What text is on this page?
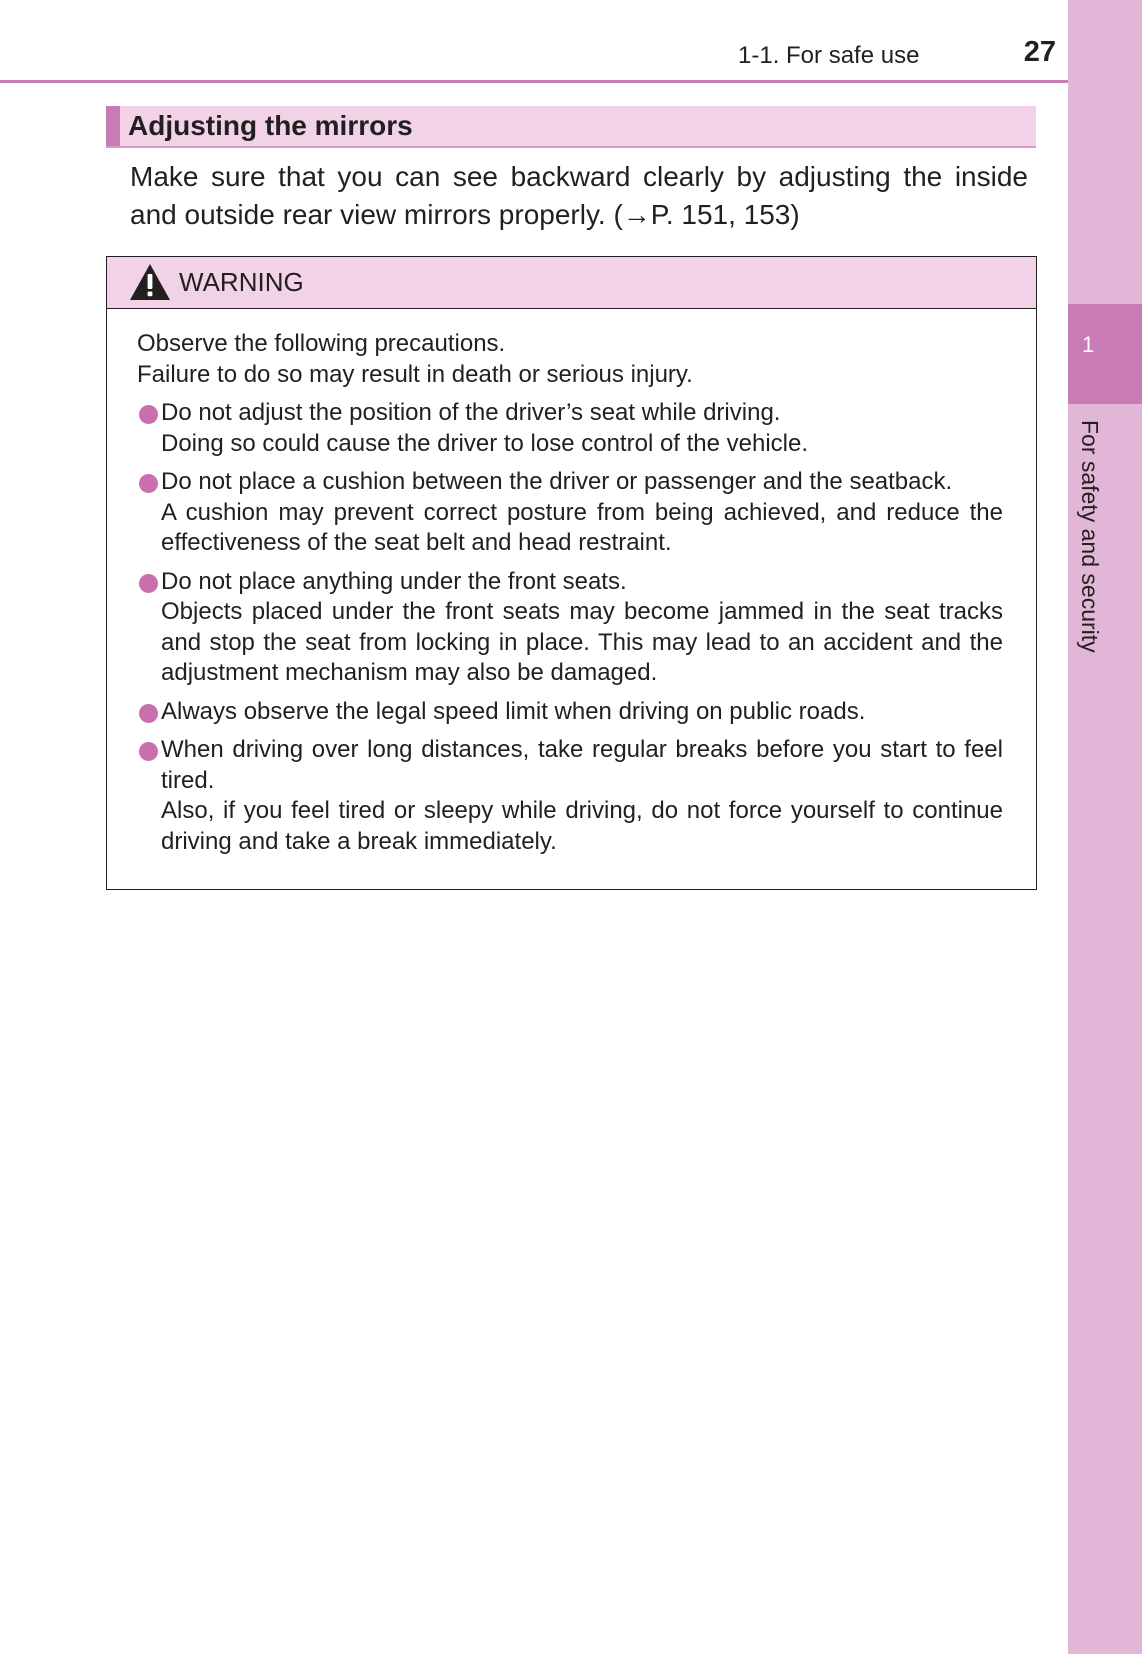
1-1. For safe use	27
1
For safety and security
Adjusting the mirrors
Make sure that you can see backward clearly by adjusting the inside and outside rear view mirrors properly. (→P. 151, 153)
WARNING

Observe the following precautions.
Failure to do so may result in death or serious injury.

Do not adjust the position of the driver’s seat while driving.
Doing so could cause the driver to lose control of the vehicle.
Do not place a cushion between the driver or passenger and the seatback.
A cushion may prevent correct posture from being achieved, and reduce the effectiveness of the seat belt and head restraint.
Do not place anything under the front seats.
Objects placed under the front seats may become jammed in the seat tracks and stop the seat from locking in place. This may lead to an accident and the adjustment mechanism may also be damaged.
Always observe the legal speed limit when driving on public roads.
When driving over long distances, take regular breaks before you start to feel tired.
Also, if you feel tired or sleepy while driving, do not force yourself to continue driving and take a break immediately.
